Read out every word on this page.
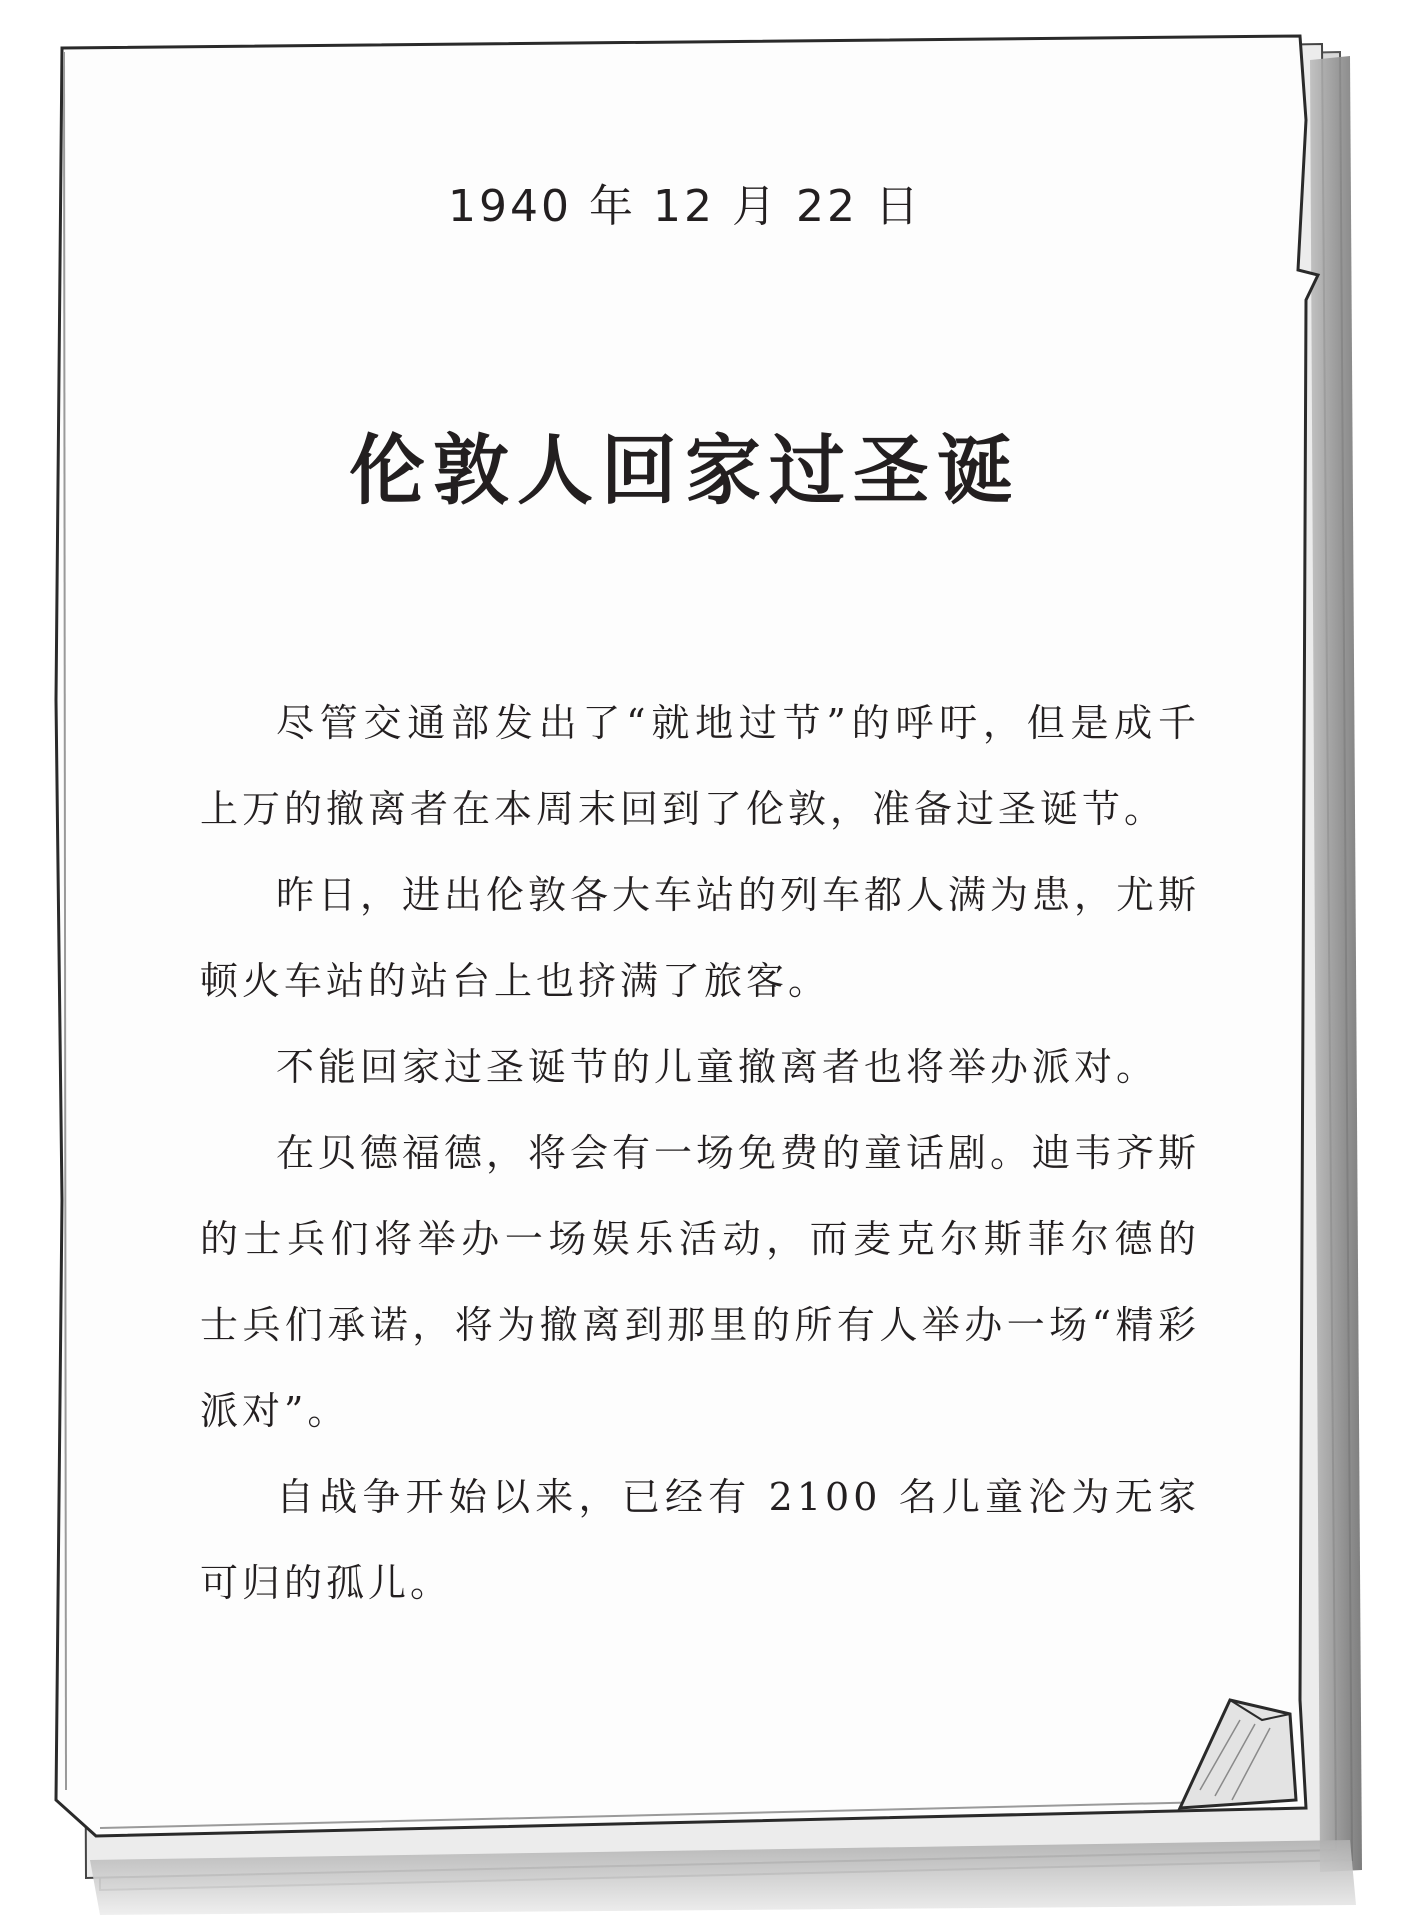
1940 年 12 月 22 日
伦敦人回家过圣诞

尽管交通部发出了“就地过节”的呼吁，但是成千上万的撤离者在本周末回到了伦敦，准备过圣诞节。

昨日，进出伦敦各大车站的列车都人满为患，尤斯顿火车站的站台上也挤满了旅客。

不能回家过圣诞节的儿童撤离者也将举办派对。

在贝德福德，将会有一场免费的童话剧。迪韦齐斯的士兵们将举办一场娱乐活动，而麦克尔斯菲尔德的士兵们承诺，将为撤离到那里的所有人举办一场“精彩派对”。

自战争开始以来，已经有 2100 名儿童沦为无家可归的孤儿。
